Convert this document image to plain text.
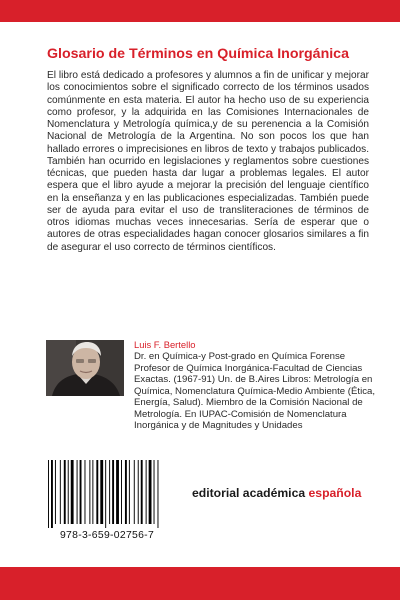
Glosario de Términos en Química Inorgánica

El libro está dedicado a profesores y alumnos a fin de unificar y mejorar los conocimientos sobre el significado correcto de los términos usados comúnmente en esta materia. El autor ha hecho uso de su experiencia como profesor, y la adquirida en las Comisiones Internacionales de Nomenclatura y Metrología química,y de su perenencia a la Comisión Nacional de Metrología de la Argentina. No son pocos los que han hallado errores o imprecisiones en libros de texto y trabajos publicados. También han ocurrido en legislaciones y reglamentos sobre cuestiones técnicas, que pueden hasta dar lugar a problemas legales. El autor espera que el libro ayude a mejorar la precisión del lenguaje científico en la enseñanza y en las publicaciones especializadas. También puede ser de ayuda para evitar el uso de transliteraciones de términos de otros idiomas muchas veces innecesarias. Sería de esperar que o autores de otras especialidades hagan conocer glosarios similares a fin de asegurar el uso correcto de términos científicos.

Luis F. Bertello

Dr. en Química-y Post-grado en Química Forense Profesor de Química Inorgánica-Facultad de Ciencias Exactas. (1967-91) Un. de B.Aires Libros: Metrología en Química, Nomenclatura Química-Medio Ambiente (Ética, Energía, Salud). Miembro de la Comisión Nacional de Metrología. En IUPAC-Comisión de Nomenclatura Inorgánica y de Magnitudes y Unidades

978-3-659-02756-7
editorial académica española
